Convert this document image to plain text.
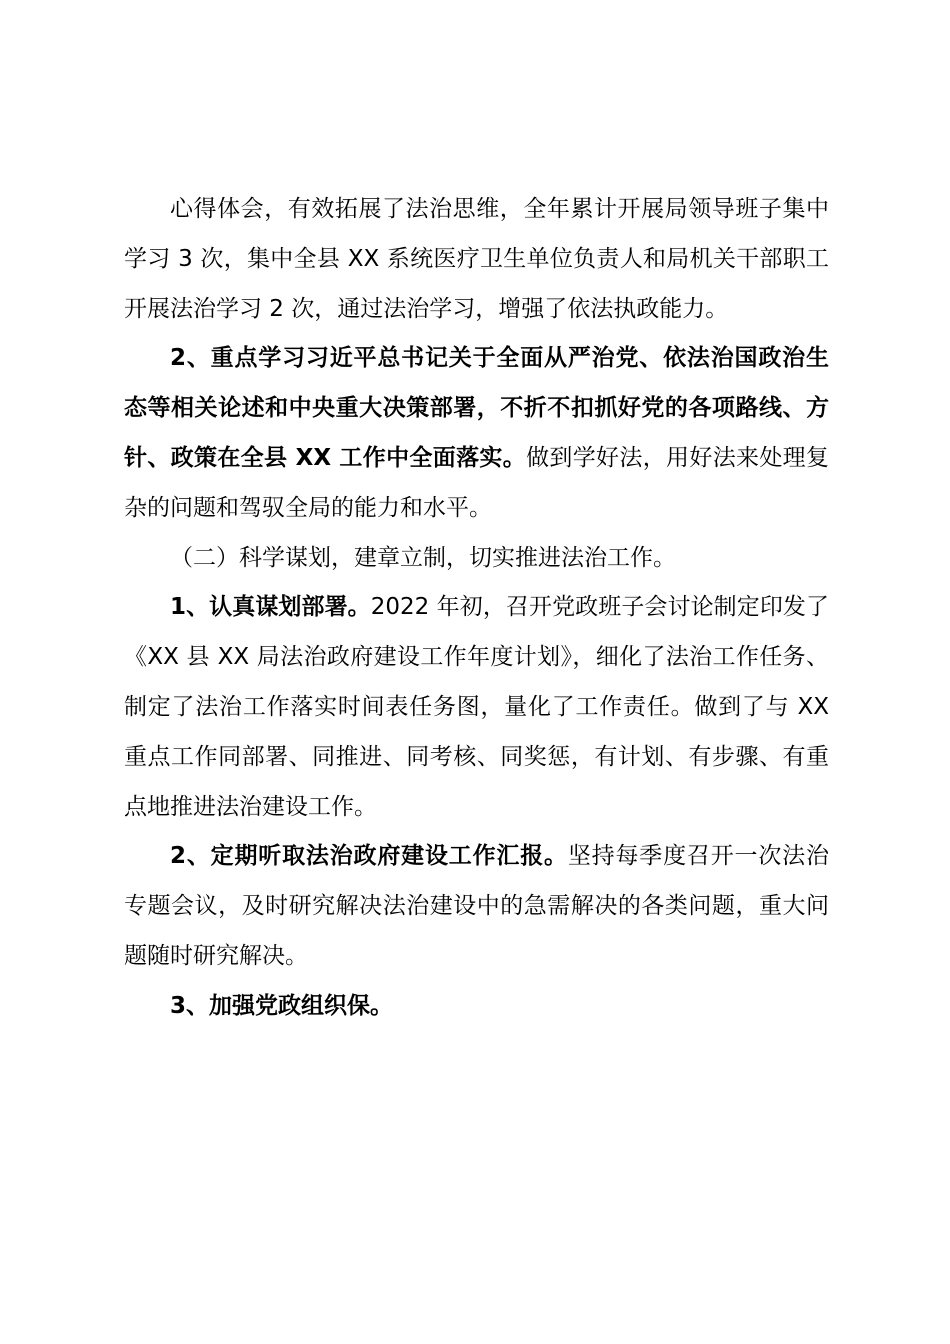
心得体会，有效拓展了法治思维，全年累计开展局领导班子集中学习 3 次，集中全县 XX 系统医疗卫生单位负责人和局机关干部职工开展法治学习 2 次，通过法治学习，增强了依法执政能力。

2、重点学习习近平总书记关于全面从严治党、依法治国政治生态等相关论述和中央重大决策部署，不折不扣抓好党的各项路线、方针、政策在全县 XX 工作中全面落实。做到学好法，用好法来处理复杂的问题和驾驭全局的能力和水平。

（二）科学谋划，建章立制，切实推进法治工作。

1、认真谋划部署。2022 年初，召开党政班子会讨论制定印发了《XX 县 XX 局法治政府建设工作年度计划》，细化了法治工作任务、制定了法治工作落实时间表任务图，量化了工作责任。做到了与 XX 重点工作同部署、同推进、同考核、同奖惩，有计划、有步骤、有重点地推进法治建设工作。

2、定期听取法治政府建设工作汇报。坚持每季度召开一次法治专题会议，及时研究解决法治建设中的急需解决的各类问题，重大问题随时研究解决。

3、加强党政组织保。
